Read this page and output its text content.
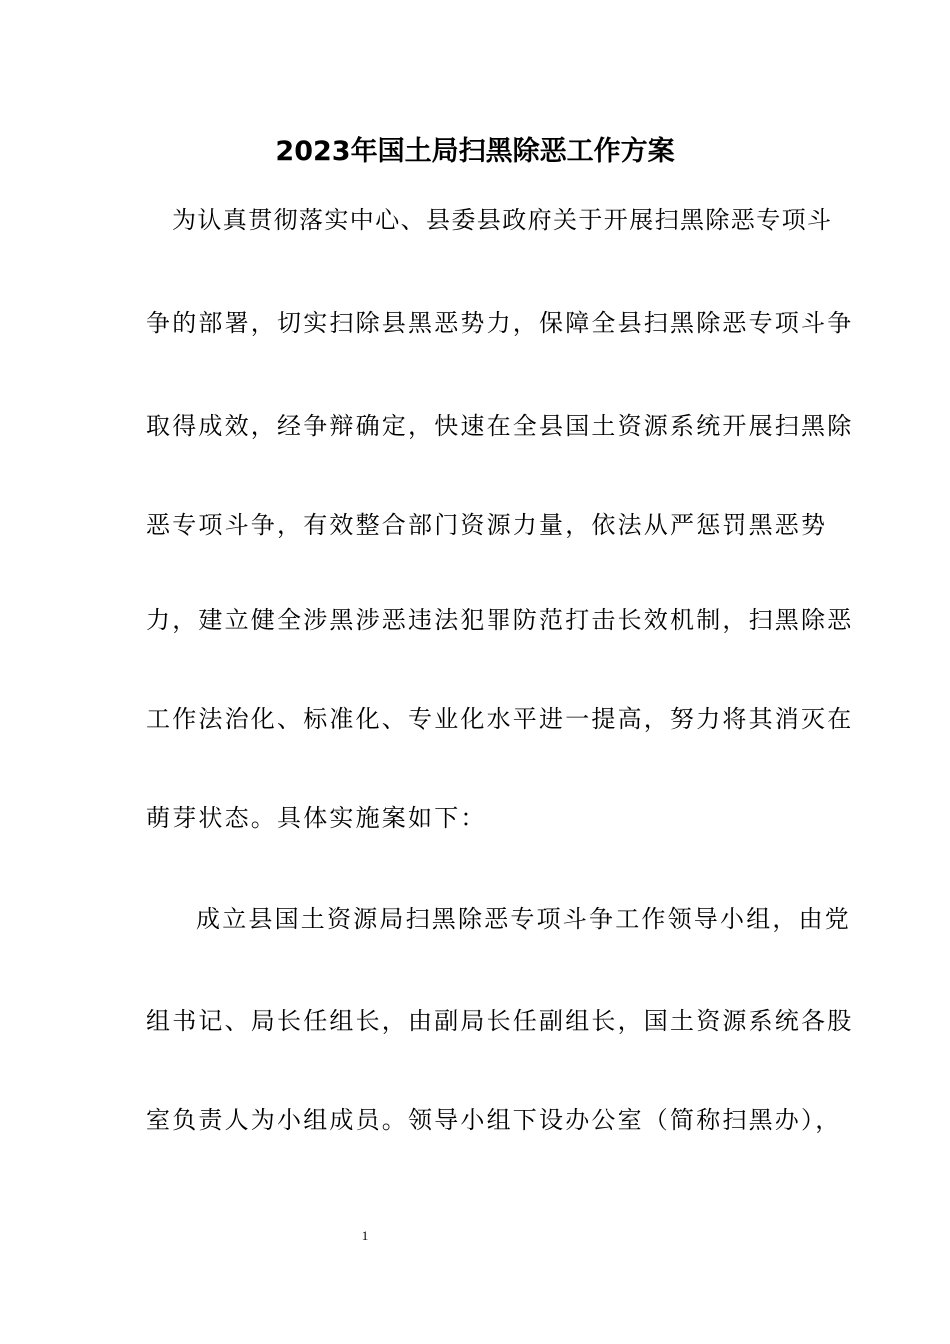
2023年国土局扫黑除恶工作方案
为认真贯彻落实中心、县委县政府关于开展扫黑除恶专项斗
争的部署，切实扫除县黑恶势力，保障全县扫黑除恶专项斗争
取得成效，经争辩确定，快速在全县国土资源系统开展扫黑除
恶专项斗争，有效整合部门资源力量，依法从严惩罚黑恶势
力，建立健全涉黑涉恶违法犯罪防范打击长效机制，扫黑除恶
工作法治化、标准化、专业化水平进一提高，努力将其消灭在
萌芽状态。具体实施案如下：
成立县国土资源局扫黑除恶专项斗争工作领导小组，由党
组书记、局长任组长，由副局长任副组长，国土资源系统各股
室负责人为小组成员。领导小组下设办公室（简称扫黑办），
1
